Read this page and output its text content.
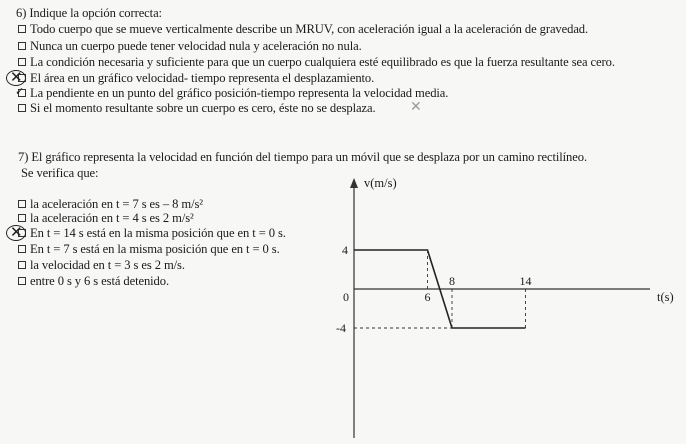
6) Indique la opción correcta:
Todo cuerpo que se mueve verticalmente describe un MRUV, con aceleración igual a la aceleración de gravedad.
Nunca un cuerpo puede tener velocidad nula y aceleración no nula.
La condición necesaria y suficiente para que un cuerpo cualquiera esté equilibrado es que la fuerza resultante sea cero.
El área en un gráfico velocidad- tiempo representa el desplazamiento.
La pendiente en un punto del gráfico posición-tiempo representa la velocidad media.
Si el momento resultante sobre un cuerpo es cero, éste no se desplaza.
✕
✓
✕
7) El gráfico representa la velocidad en función del tiempo para un móvil que se desplaza por un camino rectilíneo.
Se verifica que:
la aceleración en t = 7 s es – 8 m/s²
la aceleración en t = 4 s es 2 m/s²
En t = 14 s está en la misma posición que en t = 0 s.
En t = 7 s está en la misma posición que en t = 0 s.
la velocidad en t = 3 s es 2 m/s.
entre 0 s y 6 s está detenido.
✕
v(m/s)
t(s)
0	6
8	14
4
-4
